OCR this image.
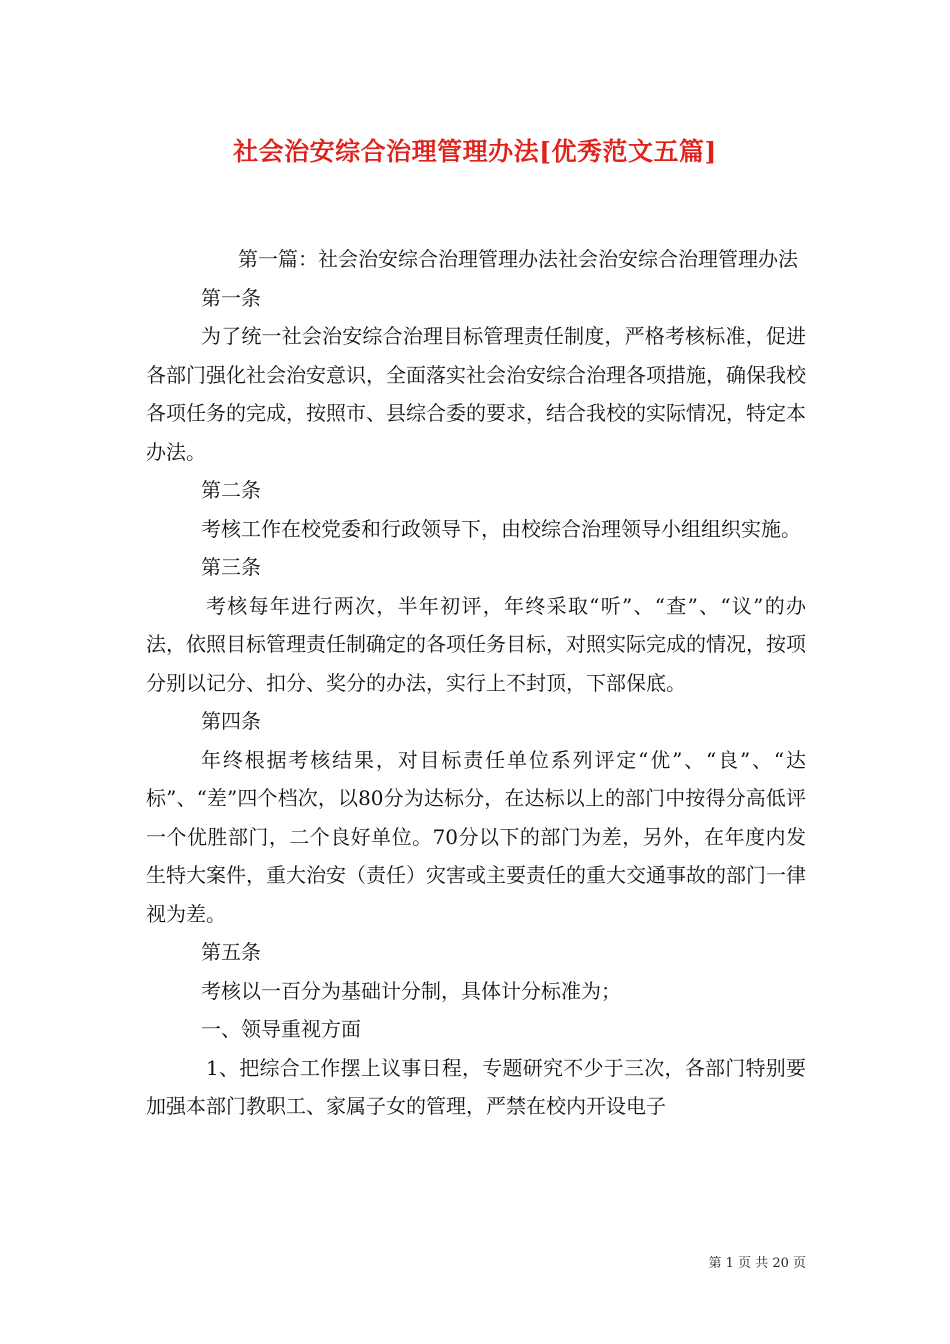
社会治安综合治理管理办法[优秀范文五篇]

第一篇：社会治安综合治理管理办法社会治安综合治理管理办法

第一条

为了统一社会治安综合治理目标管理责任制度，严格考核标准，促进各部门强化社会治安意识，全面落实社会治安综合治理各项措施，确保我校各项任务的完成，按照市、县综合委的要求，结合我校的实际情况，特定本办法。

第二条

考核工作在校党委和行政领导下，由校综合治理领导小组组织实施。

第三条

考核每年进行两次，半年初评，年终采取“听”、“查”、“议”的办法，依照目标管理责任制确定的各项任务目标，对照实际完成的情况，按项分别以记分、扣分、奖分的办法，实行上不封顶，下部保底。

第四条

年终根据考核结果，对目标责任单位系列评定“优”、“良”、“达标”、“差”四个档次，以80分为达标分，在达标以上的部门中按得分高低评一个优胜部门，二个良好单位。70分以下的部门为差，另外，在年度内发生特大案件，重大治安（责任）灾害或主要责任的重大交通事故的部门一律视为差。

第五条

考核以一百分为基础计分制，具体计分标准为；

一、领导重视方面

1、把综合工作摆上议事日程，专题研究不少于三次，各部门特别要加强本部门教职工、家属子女的管理，严禁在校内开设电子

第 1 页 共 20 页
